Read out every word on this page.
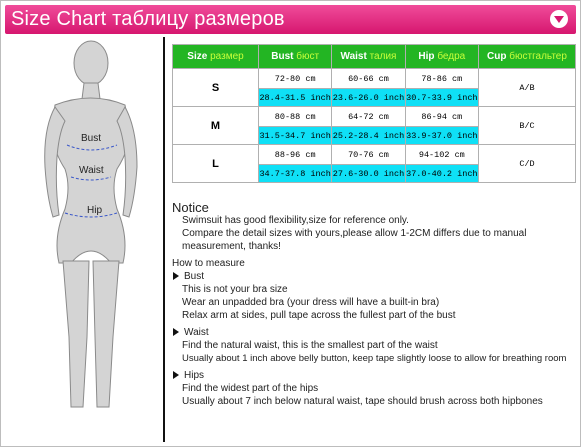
Size Chart таблицу размеров
Bust
Waist
Hip
Size размер	Bust бюст	Waist талия	Hip бедра	Cup бюстгальтер
S	72-80 cm	60-66 cm	78-86 cm	A/B
	28.4-31.5 inch	23.6-26.0 inch	30.7-33.9 inch	
M	80-88 cm	64-72 cm	86-94 cm	B/C
	31.5-34.7 inch	25.2-28.4 inch	33.9-37.0 inch	
L	88-96 cm	70-76 cm	94-102 cm	C/D
	34.7-37.8 inch	27.6-30.0 inch	37.0-40.2 inch	
Notice
Swimsuit has good flexibility,size for reference only.
Compare the detail sizes with yours,please allow 1-2CM differs due to manual measurement, thanks!
How to measure
Bust
This is not your bra size
Wear an unpadded bra (your dress will have a built-in bra)
Relax arm at sides, pull tape across the fullest part of the bust
Waist
Find the natural waist, this is the smallest part of the waist
Usually about 1 inch above belly button, keep tape slightly loose to allow for breathing room
Hips
Find the widest part of the hips
Usually about 7 inch below natural waist, tape should brush across both hipbones
